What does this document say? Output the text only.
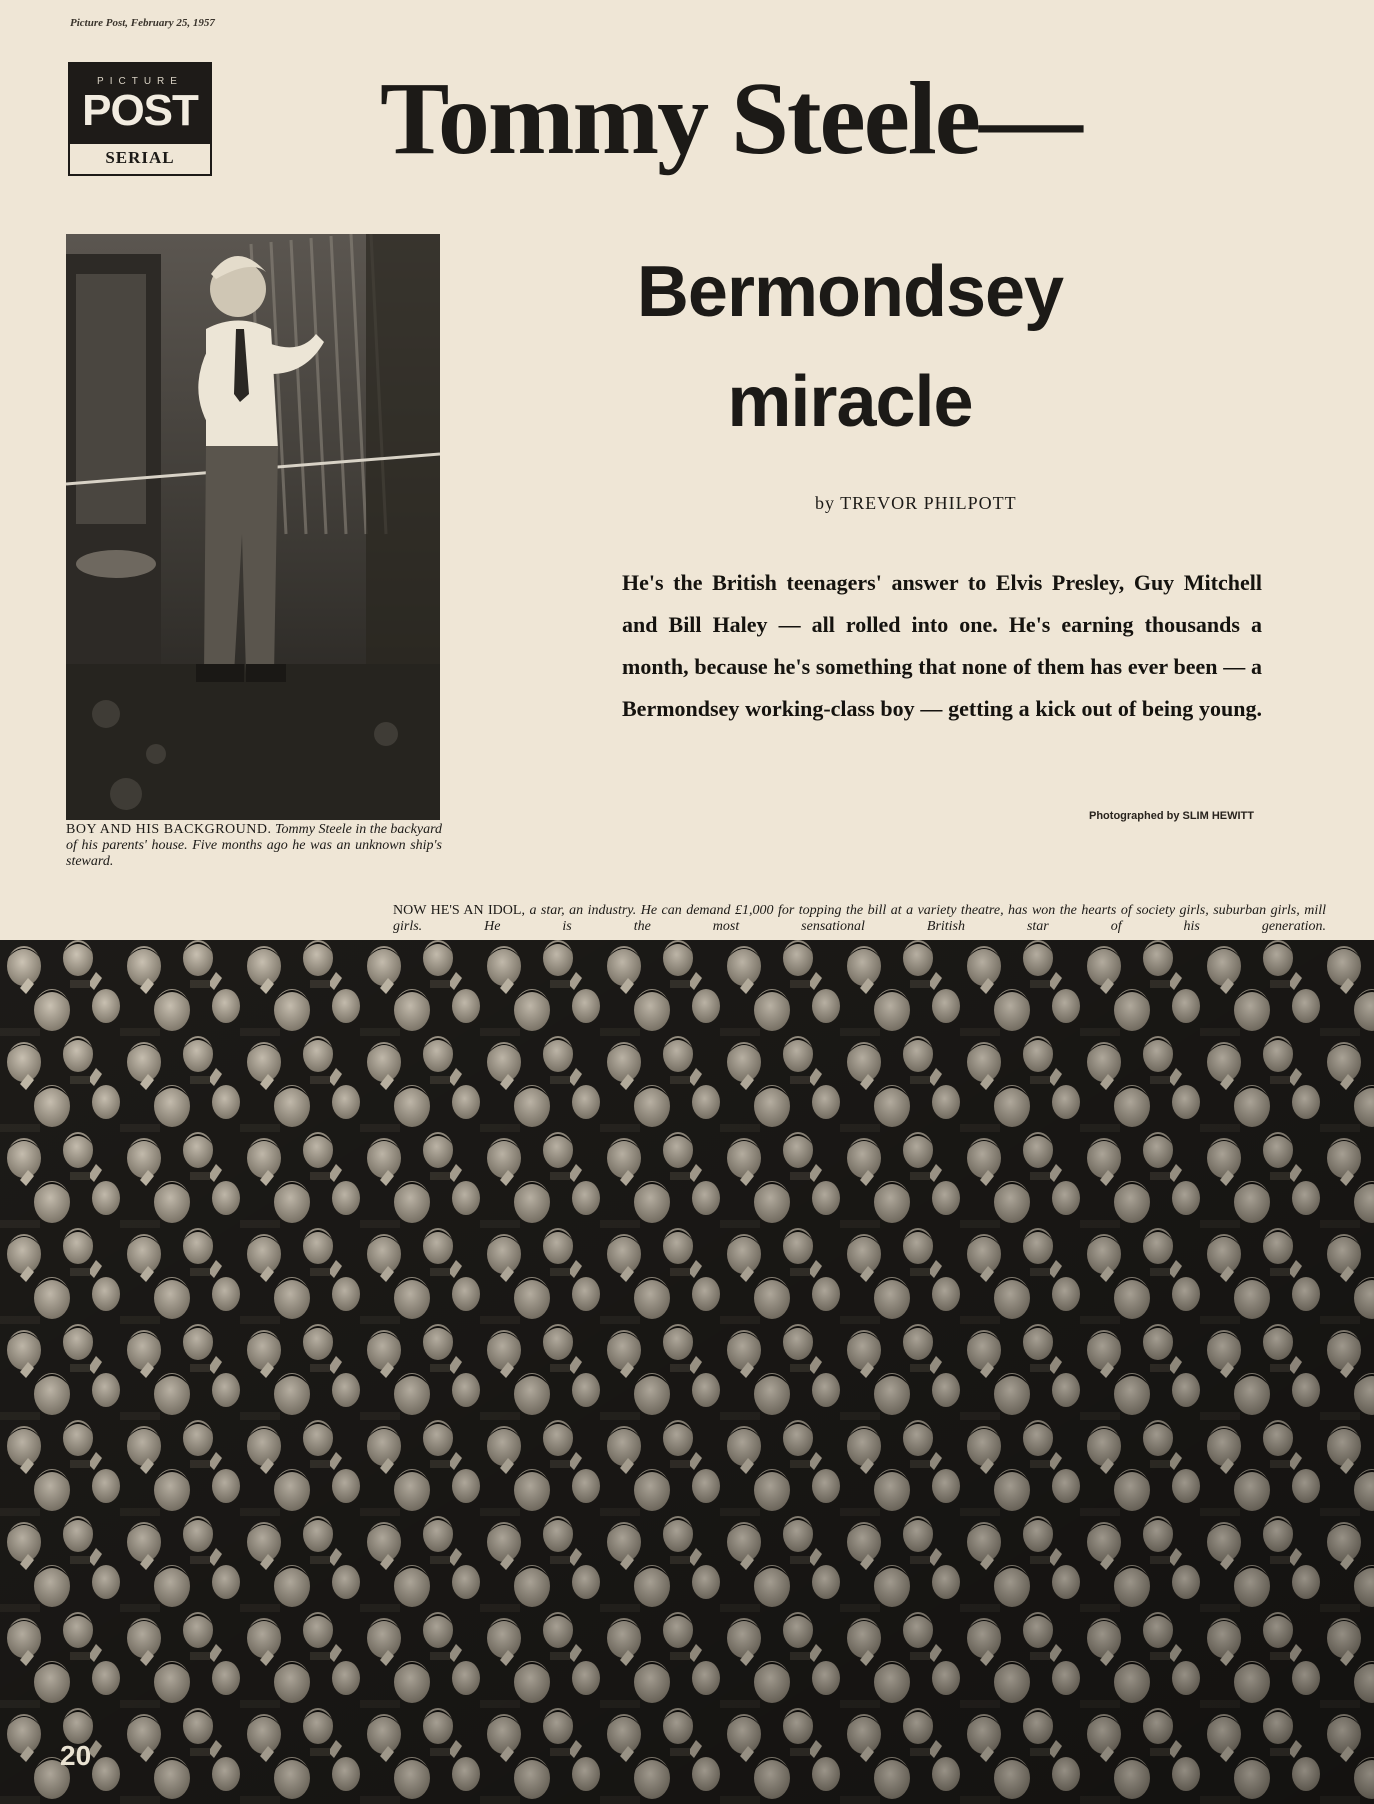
Picture Post, February 25, 1957
PICTURE
POST
SERIAL	Tommy Steele—
Bermondsey
miracle
by TREVOR PHILPOTT

He's the British teenagers' answer to Elvis Presley, Guy Mitchell and Bill Haley — all rolled into one. He's earning thousands a month, because he's something that none of them has ever been — a Bermondsey working-class boy — getting a kick out of being young.

Photographed by SLIM HEWITT

BOY AND HIS BACKGROUND. Tommy Steele in the backyard of his parents' house. Five months ago he was an unknown ship's steward.

NOW HE'S AN IDOL, a star, an industry. He can demand £1,000 for topping the bill at a variety theatre, has won the hearts of society girls, suburban girls, mill girls. He is the most sensational British star of his generation.

20
